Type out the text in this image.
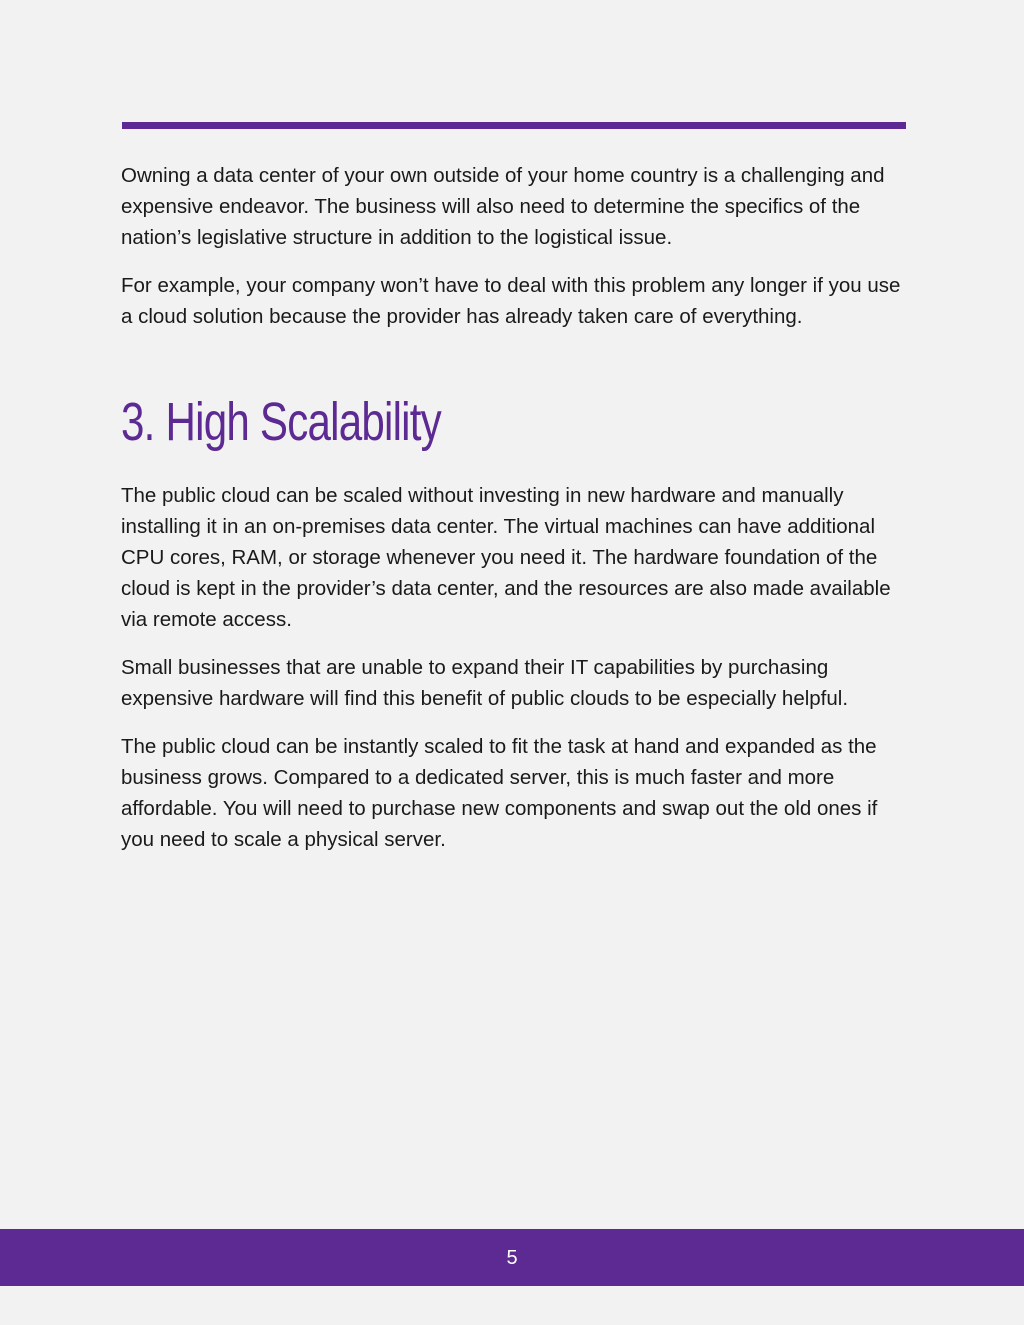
Owning a data center of your own outside of your home country is a challenging and expensive endeavor. The business will also need to determine the specifics of the nation’s legislative structure in addition to the logistical issue.

For example, your company won’t have to deal with this problem any longer if you use a cloud solution because the provider has already taken care of everything.

3. High Scalability

The public cloud can be scaled without investing in new hardware and manually installing it in an on-premises data center. The virtual machines can have additional CPU cores, RAM, or storage whenever you need it. The hardware foundation of the cloud is kept in the provider’s data center, and the resources are also made available via remote access.

Small businesses that are unable to expand their IT capabilities by purchasing expensive hardware will find this benefit of public clouds to be especially helpful.

The public cloud can be instantly scaled to fit the task at hand and expanded as the business grows. Compared to a dedicated server, this is much faster and more affordable. You will need to purchase new components and swap out the old ones if you need to scale a physical server.

5
